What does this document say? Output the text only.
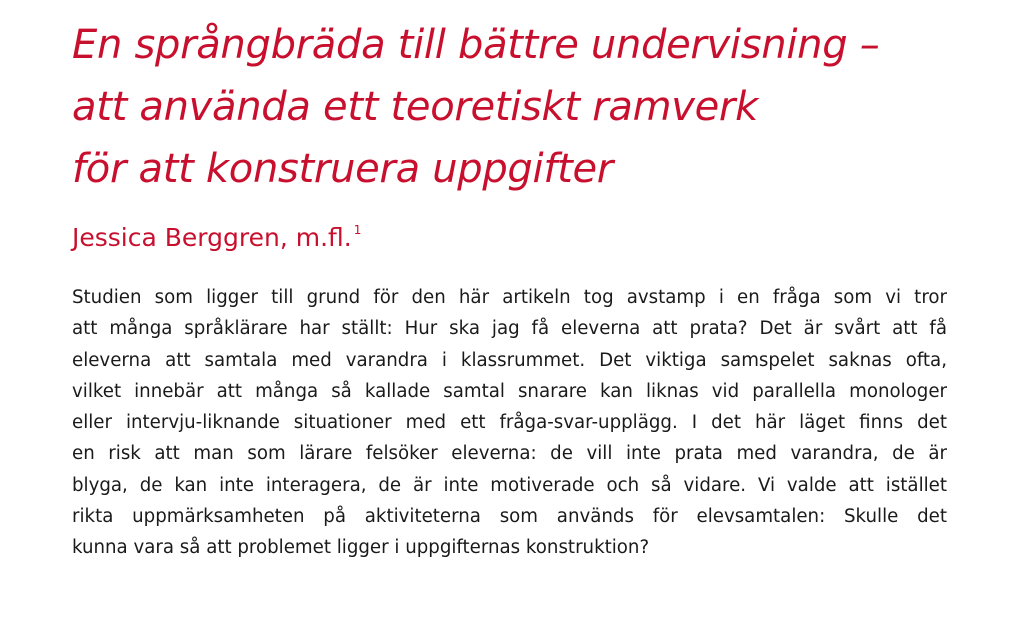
En språngbräda till bättre undervisning –
att använda ett teoretiskt ramverk
för att konstruera uppgifter

Jessica Berggren, m.fl. $^1$

Studien som ligger till grund för den här artikeln tog avstamp i en fråga som vi tror
att många språklärare har ställt: Hur ska jag få eleverna att prata? Det är svårt att få
eleverna att samtala med varandra i klassrummet. Det viktiga samspelet saknas ofta,
vilket innebär att många så kallade samtal snarare kan liknas vid parallella monologer
eller intervju-liknande situationer med ett fråga-svar-upplägg. I det här läget finns det
en risk att man som lärare felsöker eleverna: de vill inte prata med varandra, de är
blyga, de kan inte interagera, de är inte motiverade och så vidare. Vi valde att istället
rikta uppmärksamheten på aktiviteterna som används för elevsamtalen: Skulle det
kunna vara så att problemet ligger i uppgifternas konstruktion?
